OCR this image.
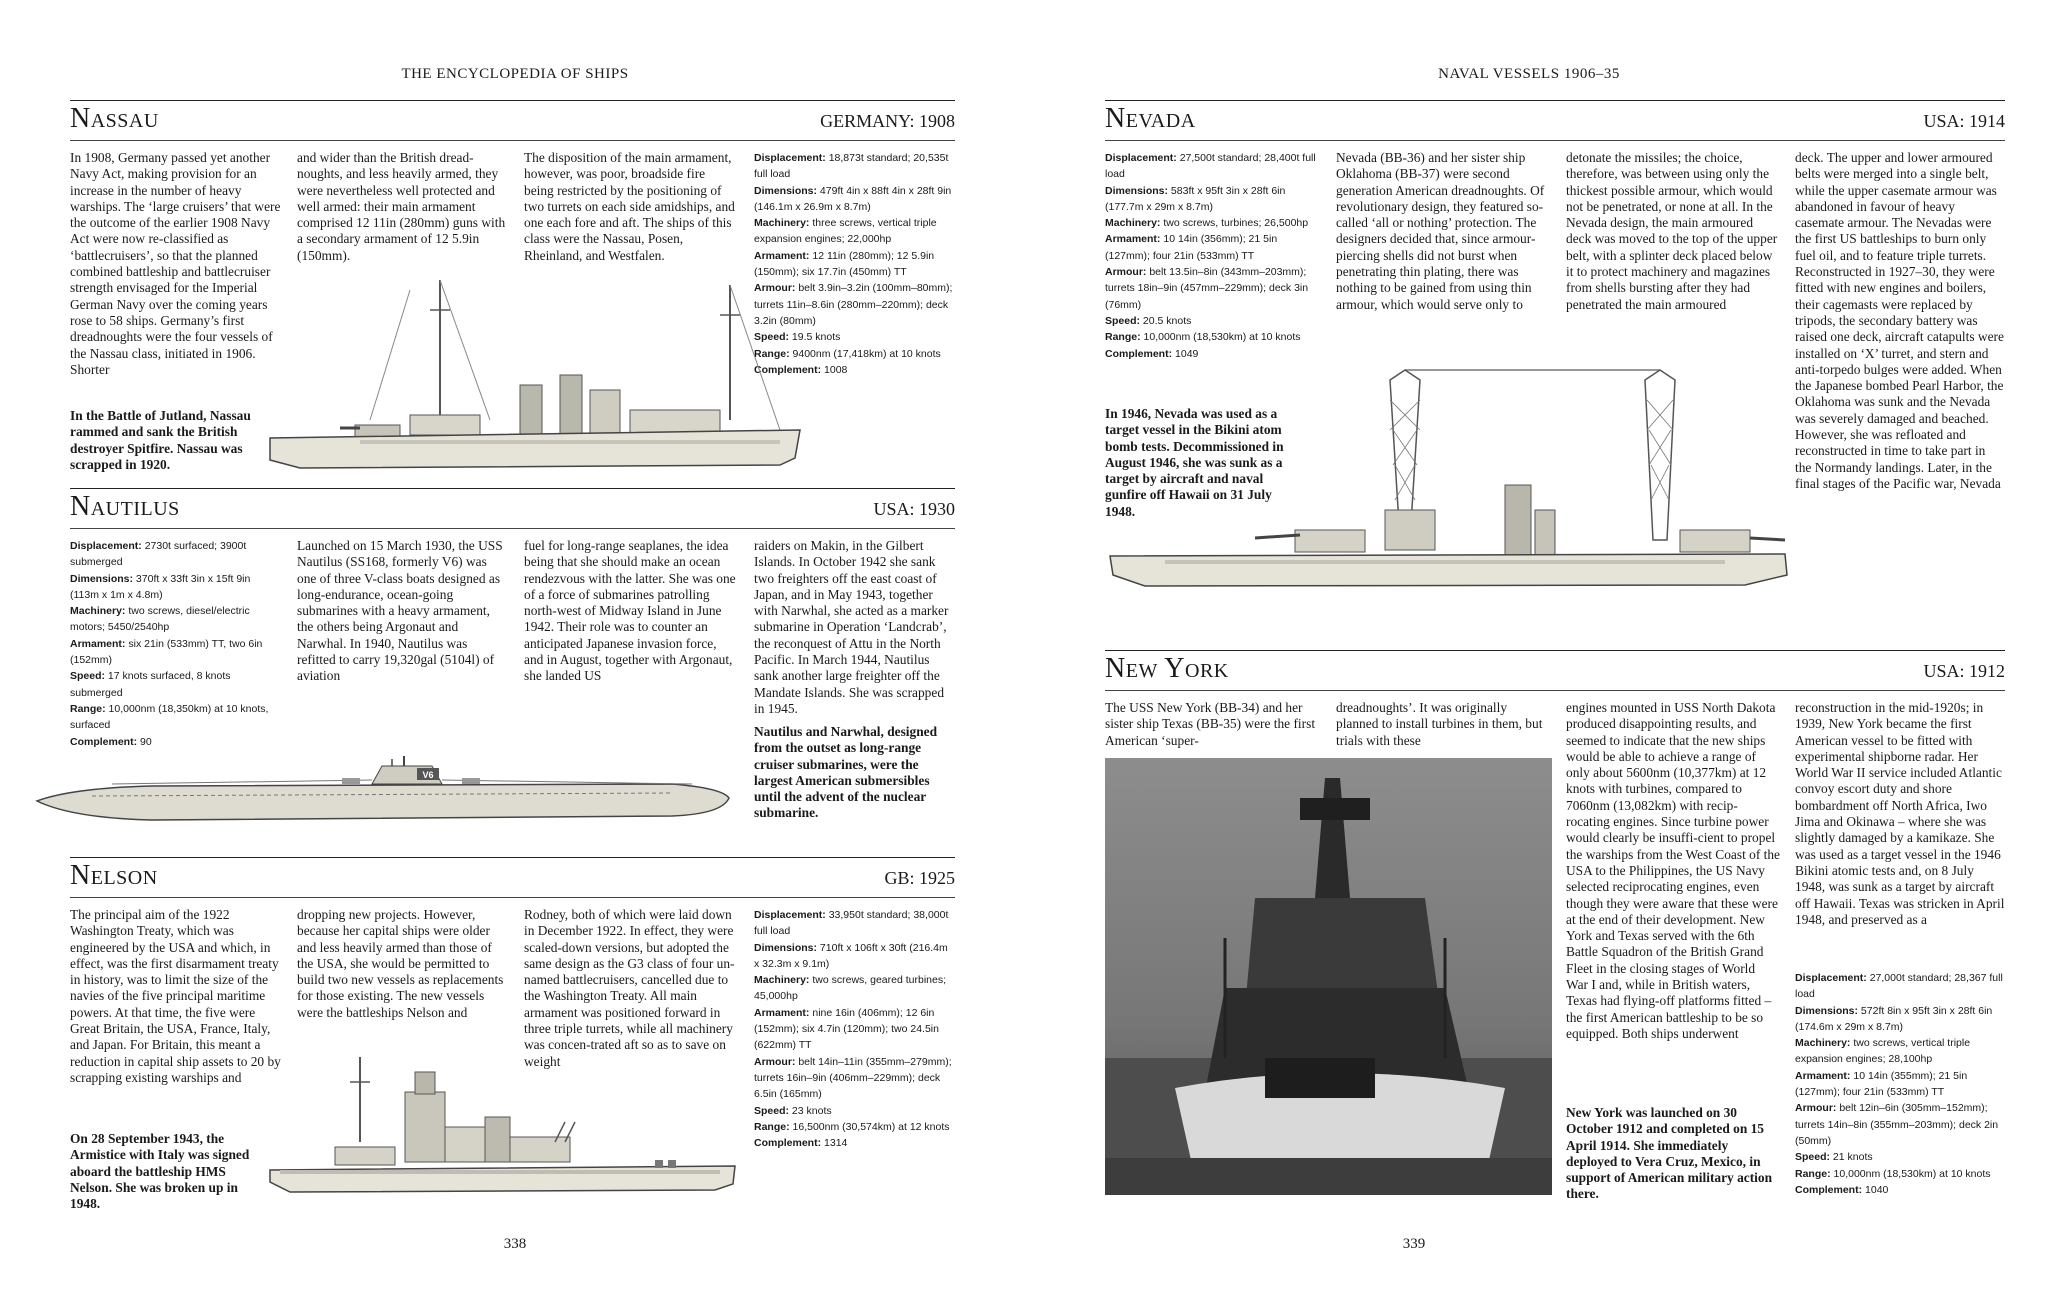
THE ENCYCLOPEDIA OF SHIPS
Nassau	GERMANY: 1908
In 1908, Germany passed yet another Navy Act, making provision for an increase in the number of heavy warships. The ‘large cruisers’ that were the outcome of the earlier 1908 Navy Act were now re-classified as ‘battlecruisers’, so that the planned combined battleship and battlecruiser strength envisaged for the Imperial German Navy over the coming years rose to 58 ships. Germany’s first dreadnoughts were the four vessels of the Nassau class, initiated in 1906. Shorter
and wider than the British dread-noughts, and less heavily armed, they were nevertheless well protected and well armed: their main armament comprised 12 11in (280mm) guns with a secondary armament of 12 5.9in (150mm).
The disposition of the main armament, however, was poor, broadside fire being restricted by the positioning of two turrets on each side amidships, and one each fore and aft. The ships of this class were the Nassau, Posen, Rheinland, and Westfalen.
In the Battle of Jutland, Nassau rammed and sank the British destroyer Spitfire. Nassau was scrapped in 1920.
Displacement: 18,873t standard; 20,535t full load
Dimensions: 479ft 4in x 88ft 4in x 28ft 9in (146.1m x 26.9m x 8.7m)
Machinery: three screws, vertical triple expansion engines; 22,000hp
Armament: 12 11in (280mm); 12 5.9in (150mm); six 17.7in (450mm) TT
Armour: belt 3.9in–3.2in (100mm–80mm); turrets 11in–8.6in (280mm–220mm); deck 3.2in (80mm)
Speed: 19.5 knots
Range: 9400nm (17,418km) at 10 knots
Complement: 1008
Nautilus	USA: 1930
Displacement: 2730t surfaced; 3900t submerged
Dimensions: 370ft x 33ft 3in x 15ft 9in (113m x 1m x 4.8m)
Machinery: two screws, diesel/electric motors; 5450/2540hp
Armament: six 21in (533mm) TT, two 6in (152mm)
Speed: 17 knots surfaced, 8 knots submerged
Range: 10,000nm (18,350km) at 10 knots, surfaced
Complement: 90
Launched on 15 March 1930, the USS Nautilus (SS168, formerly V6) was one of three V-class boats designed as long-endurance, ocean-going submarines with a heavy armament, the others being Argonaut and Narwhal. In 1940, Nautilus was refitted to carry 19,320gal (5104l) of aviation
fuel for long-range seaplanes, the idea being that she should make an ocean rendezvous with the latter. She was one of a force of submarines patrolling north-west of Midway Island in June 1942. Their role was to counter an anticipated Japanese invasion force, and in August, together with Argonaut, she landed US
raiders on Makin, in the Gilbert Islands. In October 1942 she sank two freighters off the east coast of Japan, and in May 1943, together with Narwhal, she acted as a marker submarine in Operation ‘Landcrab’, the reconquest of Attu in the North Pacific. In March 1944, Nautilus sank another large freighter off the Mandate Islands. She was scrapped in 1945.
Nautilus and Narwhal, designed from the outset as long-range cruiser submarines, were the largest American submersibles until the advent of the nuclear submarine.
V6
Nelson	GB: 1925
The principal aim of the 1922 Washington Treaty, which was engineered by the USA and which, in effect, was the first disarmament treaty in history, was to limit the size of the navies of the five principal maritime powers. At that time, the five were Great Britain, the USA, France, Italy, and Japan. For Britain, this meant a reduction in capital ship assets to 20 by scrapping existing warships and
dropping new projects. However, because her capital ships were older and less heavily armed than those of the USA, she would be permitted to build two new vessels as replacements for those existing. The new vessels were the battleships Nelson and
Rodney, both of which were laid down in December 1922. In effect, they were scaled-down versions, but adopted the same design as the G3 class of four un-named battlecruisers, cancelled due to the Washington Treaty. All main armament was positioned forward in three triple turrets, while all machinery was concen-trated aft so as to save on weight
On 28 September 1943, the Armistice with Italy was signed aboard the battleship HMS Nelson. She was broken up in 1948.
Displacement: 33,950t standard; 38,000t full load
Dimensions: 710ft x 106ft x 30ft (216.4m x 32.3m x 9.1m)
Machinery: two screws, geared turbines; 45,000hp
Armament: nine 16in (406mm); 12 6in (152mm); six 4.7in (120mm); two 24.5in (622mm) TT
Armour: belt 14in–11in (355mm–279mm); turrets 16in–9in (406mm–229mm); deck 6.5in (165mm)
Speed: 23 knots
Range: 16,500nm (30,574km) at 12 knots
Complement: 1314
338
NAVAL VESSELS 1906–35
Nevada	USA: 1914
Displacement: 27,500t standard; 28,400t full load
Dimensions: 583ft x 95ft 3in x 28ft 6in (177.7m x 29m x 8.7m)
Machinery: two screws, turbines; 26,500hp
Armament: 10 14in (356mm); 21 5in (127mm); four 21in (533mm) TT
Armour: belt 13.5in–8in (343mm–203mm); turrets 18in–9in (457mm–229mm); deck 3in (76mm)
Speed: 20.5 knots
Range: 10,000nm (18,530km) at 10 knots
Complement: 1049
In 1946, Nevada was used as a target vessel in the Bikini atom bomb tests. Decommissioned in August 1946, she was sunk as a target by aircraft and naval gunfire off Hawaii on 31 July 1948.
Nevada (BB-36) and her sister ship Oklahoma (BB-37) were second generation American dreadnoughts. Of revolutionary design, they featured so-called ‘all or nothing’ protection. The designers decided that, since armour-piercing shells did not burst when penetrating thin plating, there was nothing to be gained from using thin armour, which would serve only to
detonate the missiles; the choice, therefore, was between using only the thickest possible armour, which would not be penetrated, or none at all. In the Nevada design, the main armoured deck was moved to the top of the upper belt, with a splinter deck placed below it to protect machinery and magazines from shells bursting after they had penetrated the main armoured
deck. The upper and lower armoured belts were merged into a single belt, while the upper casemate armour was abandoned in favour of heavy casemate armour. The Nevadas were the first US battleships to burn only fuel oil, and to feature triple turrets. Reconstructed in 1927–30, they were fitted with new engines and boilers, their cagemasts were replaced by tripods, the secondary battery was raised one deck, aircraft catapults were installed on ‘X’ turret, and stern and anti-torpedo bulges were added. When the Japanese bombed Pearl Harbor, the Oklahoma was sunk and the Nevada was severely damaged and beached. However, she was refloated and reconstructed in time to take part in the Normandy landings. Later, in the final stages of the Pacific war, Nevada
New York	USA: 1912
The USS New York (BB-34) and her sister ship Texas (BB-35) were the first American ‘super-
dreadnoughts’. It was originally planned to install turbines in them, but trials with these
engines mounted in USS North Dakota produced disappointing results, and seemed to indicate that the new ships would be able to achieve a range of only about 5600nm (10,377km) at 12 knots with turbines, compared to 7060nm (13,082km) with recip-rocating engines. Since turbine power would clearly be insuffi-cient to propel the warships from the West Coast of the USA to the Philippines, the US Navy selected reciprocating engines, even though they were aware that these were at the end of their development. New York and Texas served with the 6th Battle Squadron of the British Grand Fleet in the closing stages of World War I and, while in British waters, Texas had flying-off platforms fitted – the first American battleship to be so equipped. Both ships underwent
reconstruction in the mid-1920s; in 1939, New York became the first American vessel to be fitted with experimental shipborne radar. Her World War II service included Atlantic convoy escort duty and shore bombardment off North Africa, Iwo Jima and Okinawa – where she was slightly damaged by a kamikaze. She was used as a target vessel in the 1946 Bikini atomic tests and, on 8 July 1948, was sunk as a target by aircraft off Hawaii. Texas was stricken in April 1948, and preserved as a
New York was launched on 30 October 1912 and completed on 15 April 1914. She immediately deployed to Vera Cruz, Mexico, in support of American military action there.
Displacement: 27,000t standard; 28,367 full load
Dimensions: 572ft 8in x 95ft 3in x 28ft 6in (174.6m x 29m x 8.7m)
Machinery: two screws, vertical triple expansion engines; 28,100hp
Armament: 10 14in (355mm); 21 5in (127mm); four 21in (533mm) TT
Armour: belt 12in–6in (305mm–152mm); turrets 14in–8in (355mm–203mm); deck 2in (50mm)
Speed: 21 knots
Range: 10,000nm (18,530km) at 10 knots
Complement: 1040
339
